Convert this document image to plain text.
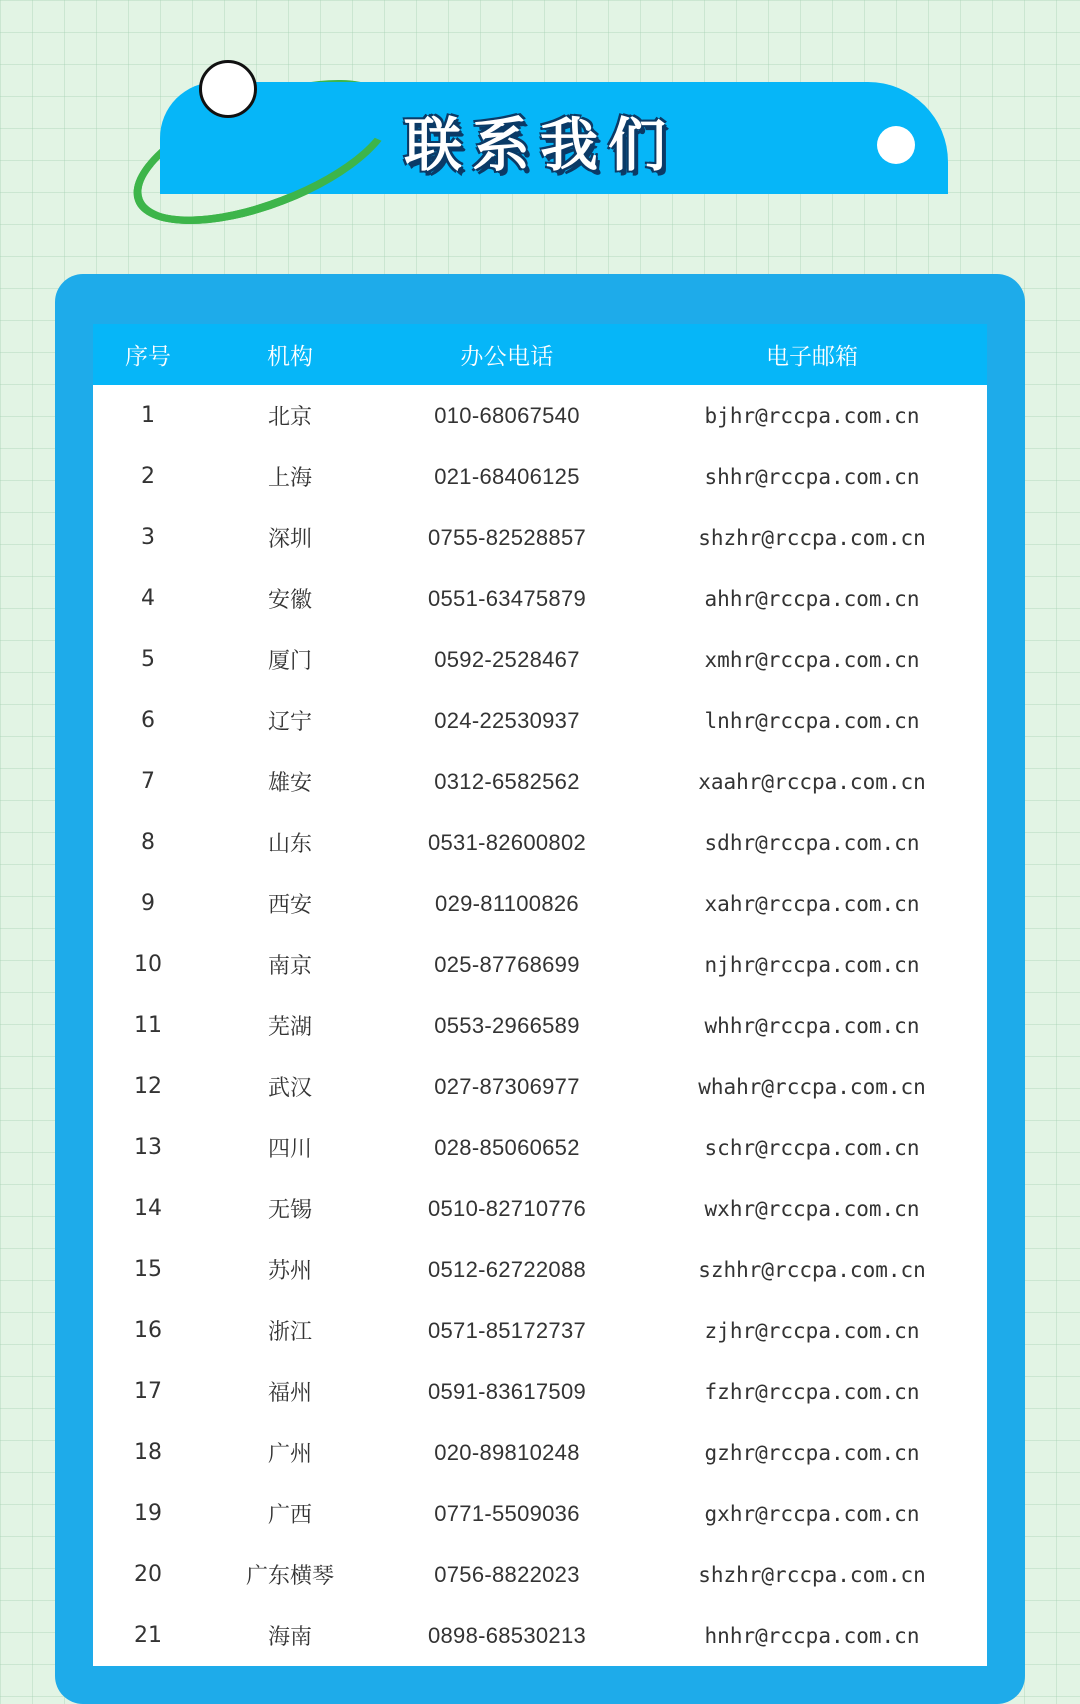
联系我们
序号	机构	办公电话	电子邮箱
1	北京	010-68067540	bjhr@rccpa.com.cn
2	上海	021-68406125	shhr@rccpa.com.cn
3	深圳	0755-82528857	shzhr@rccpa.com.cn
4	安徽	0551-63475879	ahhr@rccpa.com.cn
5	厦门	0592-2528467	xmhr@rccpa.com.cn
6	辽宁	024-22530937	lnhr@rccpa.com.cn
7	雄安	0312-6582562	xaahr@rccpa.com.cn
8	山东	0531-82600802	sdhr@rccpa.com.cn
9	西安	029-81100826	xahr@rccpa.com.cn
10	南京	025-87768699	njhr@rccpa.com.cn
11	芜湖	0553-2966589	whhr@rccpa.com.cn
12	武汉	027-87306977	whahr@rccpa.com.cn
13	四川	028-85060652	schr@rccpa.com.cn
14	无锡	0510-82710776	wxhr@rccpa.com.cn
15	苏州	0512-62722088	szhhr@rccpa.com.cn
16	浙江	0571-85172737	zjhr@rccpa.com.cn
17	福州	0591-83617509	fzhr@rccpa.com.cn
18	广州	020-89810248	gzhr@rccpa.com.cn
19	广西	0771-5509036	gxhr@rccpa.com.cn
20	广东横琴	0756-8822023	shzhr@rccpa.com.cn
21	海南	0898-68530213	hnhr@rccpa.com.cn
